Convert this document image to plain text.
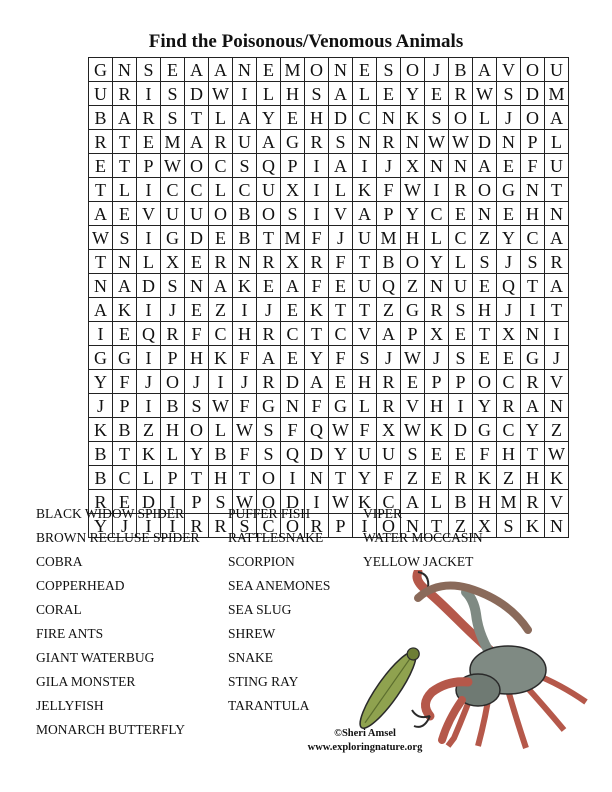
Find the Poisonous/Venomous Animals
G N S E A A N E M O N E S O J B A V O U
U R I S D W I L H S A L E Y E R W S D M
B A R S T L A Y E H D C N K S O L J O A
R T E M A R U A G R S N R N W W D N P L
E T P W O C S Q P I A I J X N N A E F U
T L I C C L C U X I L K F W I R O G N T
A E V U U O B O S I V A P Y C E N E H N
W S I G D E B T M F J U M H L C Z Y C A
T N L X E R N R X R F T B O Y L S J S R
N A D S N A K E A F E U Q Z N U E Q T A
A K I J E Z I J E K T T Z G R S H J I T
I E Q R F C H R C T C V A P X E T X N I
G G I P H K F A E Y F S J W J S E E G J
Y F J O J I J R D A E H R E P P O C R V
J P I B S W F G N F G L R V H I Y R A N
K B Z H O L W S F Q W F X W K D G C Y Z
B T K L Y B F S Q D Y U U S E E F H T W
B C L P T H T O I N T Y F Z E R K Z H K
R E D I P S W O D I W K C A L B H M R V
Y J I	I R R S C O R P I O N T Z X S K N
BLACK WIDOW SPIDER
BROWN RECLUSE SPIDER
COBRA
COPPERHEAD
CORAL
FIRE ANTS
GIANT WATERBUG
GILA MONSTER
JELLYFISH
MONARCH BUTTERFLY
PUFFER FISH
RATTLESNAKE
SCORPION
SEA ANEMONES
SEA SLUG
SHREW
SNAKE
STING RAY
TARANTULA
VIPER
WATER MOCCASIN
YELLOW JACKET
©Sheri Amsel
www.exploringnature.org
